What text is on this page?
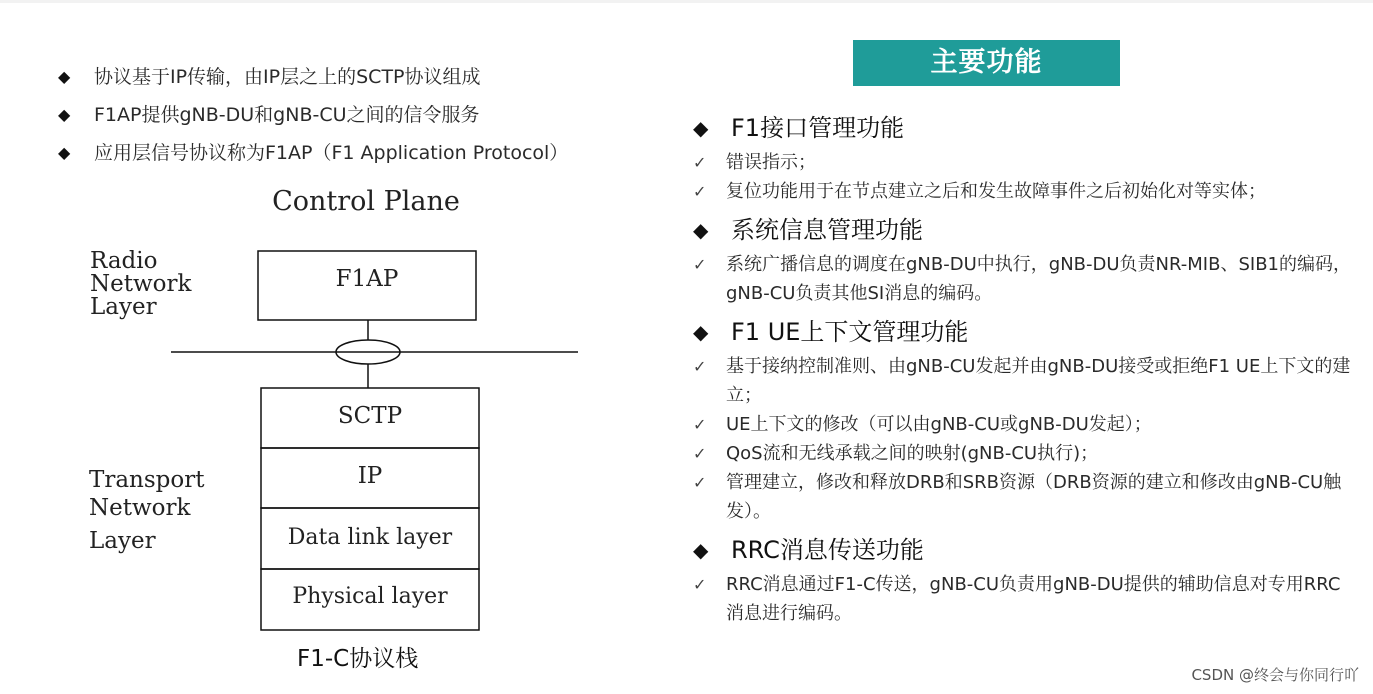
◆ 协议基于IP传输，由IP层之上的SCTP协议组成
◆ F1AP提供gNB-DU和gNB-CU之间的信令服务
◆ 应用层信号协议称为F1AP（F1 Application Protocol）
Control Plane
Radio
Network
Layer
F1AP
SCTP
IP
Data link layer
Physical layer
Transport
Network
Layer
F1-C协议栈
主要功能
◆ F1接口管理功能
✓ 错误指示；
✓ 复位功能用于在节点建立之后和发生故障事件之后初始化对等实体；
◆ 系统信息管理功能
✓ 系统广播信息的调度在gNB-DU中执行，gNB-DU负责NR-MIB、SIB1的编码，gNB-CU负责其他SI消息的编码。
◆ F1 UE上下文管理功能
✓ 基于接纳控制准则、由gNB-CU发起并由gNB-DU接受或拒绝F1 UE上下文的建立；
✓ UE上下文的修改（可以由gNB-CU或gNB-DU发起）；
✓ QoS流和无线承载之间的映射(gNB-CU执行)；
✓ 管理建立，修改和释放DRB和SRB资源（DRB资源的建立和修改由gNB-CU触发）。
◆ RRC消息传送功能
✓ RRC消息通过F1-C传送，gNB-CU负责用gNB-DU提供的辅助信息对专用RRC消息进行编码。
CSDN @终会与你同行吖
